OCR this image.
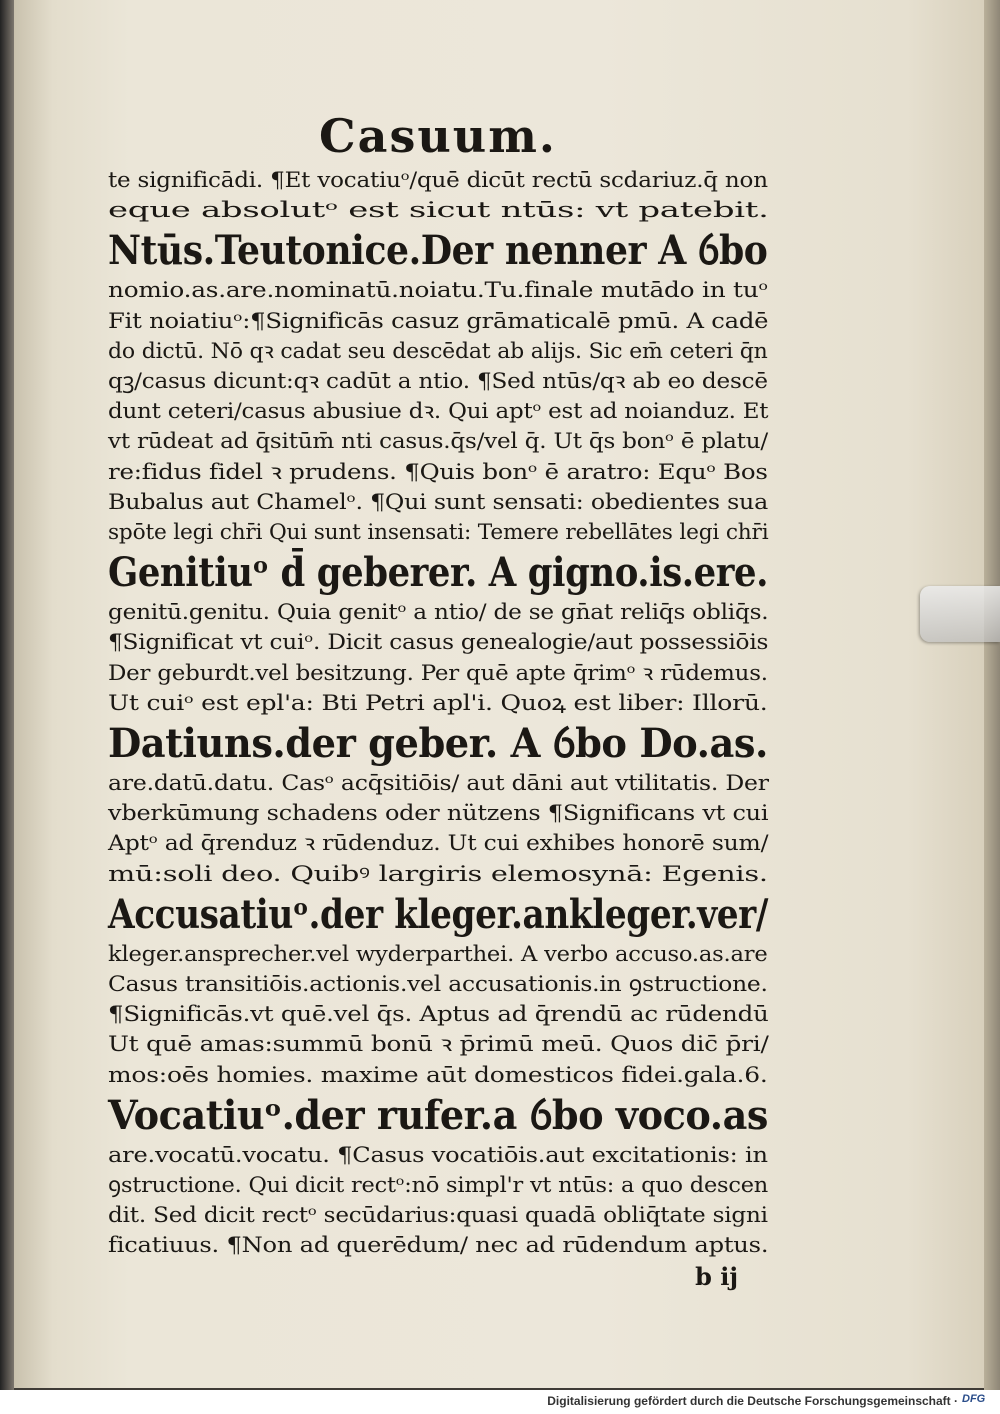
Casuum.
te significādi. ¶Et vocatiuᵒ/quē dicūt rectū scdariuz.q̄ non
eque absolutᵒ est sicut ntūs: vt patebit.
Ntūs.Teutonice.Der nenner A ỽbo
nomio.as.are.nominatū.noiatu.Tu.finale mutādo in tuᵒ
Fit noiatiuᵒ:¶Significās casuz grāmaticalē pmū. A cadē
do dictū. Nō qꝛ cadat seu descēdat ab alijs. Sic em̄ ceteri q̄n
qꝫ/casus dicunt:qꝛ cadūt a ntio. ¶Sed ntūs/qꝛ ab eo descē
dunt ceteri/casus abusiue dꝛ. Qui aptᵒ est ad noianduz. Et
vt rūdeat ad q̄sitūm̄ nti casus.q̄s/vel q̄. Ut q̄s bonᵒ ē platu/
re:fidus fidel ꝛ prudens. ¶Quis bonᵒ ē aratro: Equᵒ Bos
Bubalus aut Chamelᵒ. ¶Qui sunt sensati: obedientes sua
spōte legi chr̄i Qui sunt insensati: Temere rebellātes legi chr̄i
Genitiuᵒ d̄ geberer. A gigno.is.ere.
genitū.genitu. Quia genitᵒ a ntio/ de se gn̄at reliq̄s obliq̄s.
¶Significat vt cuiᵒ. Dicit casus genealogie/aut possessiōis
Der geburdt.vel besitzung. Per quē apte q̄rimᵒ ꝛ rūdemus.
Ut cuiᵒ est epl'a: Bti Petri apl'i. Quoꝝ est liber: Illorū.
Datiuns.der geber. A ỽbo Do.as.
are.datū.datu. Casᵒ acq̄sitiōis/ aut dāni aut vtilitatis. Der
vberkūmung schadens oder nützens ¶Significans vt cui
Aptᵒ ad q̄renduz ꝛ rūdenduz. Ut cui exhibes honorē sum/
mū:soli deo. Quibꝰ largiris elemosynā: Egenis.
Accusatiuᵒ.der kleger.ankleger.ver/
kleger.ansprecher.vel wyderparthei. A verbo accuso.as.are
Casus transitiōis.actionis.vel accusationis.in ꝯstructione.
¶Significās.vt quē.vel q̄s. Aptus ad q̄rendū ac rūdendū
Ut quē amas:summū bonū ꝛ p̄rimū meū. Quos dic̄ p̄ri/
mos:oēs homies. maxime aūt domesticos fidei.gala.6.
Vocatiuᵒ.der rufer.a ỽbo voco.as
are.vocatū.vocatu. ¶Casus vocatiōis.aut excitationis: in
ꝯstructione. Qui dicit rectᵒ:nō simpl'r vt ntūs: a quo descen
dit. Sed dicit rectᵒ secūdarius:quasi quadā obliq̄tate signi
ficatiuus. ¶Non ad querēdum/ nec ad rūdendum aptus.
b ij
Digitalisierung gefördert durch die Deutsche Forschungsgemeinschaft · DFG
